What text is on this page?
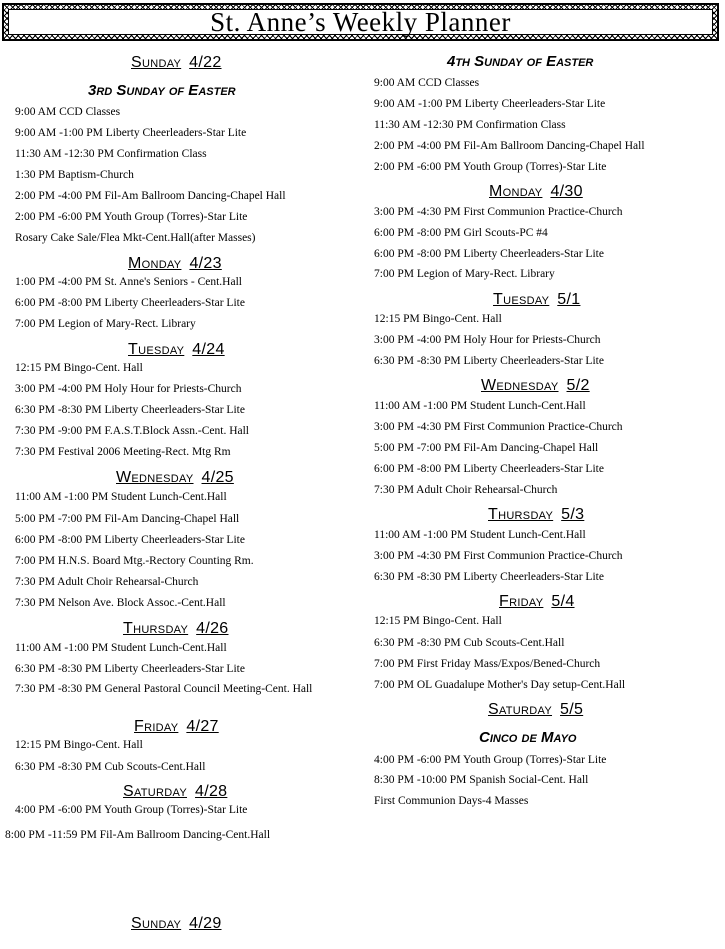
St. Anne’s Weekly Planner
Sunday 4/22
3rd Sunday of Easter
9:00 AM CCD Classes
9:00 AM -1:00 PM Liberty Cheerleaders-Star Lite
11:30 AM -12:30 PM Confirmation Class
1:30 PM Baptism-Church
2:00 PM -4:00 PM Fil-Am Ballroom Dancing-Chapel Hall
2:00 PM -6:00 PM Youth Group (Torres)-Star Lite
Rosary Cake Sale/Flea Mkt-Cent.Hall(after Masses)
Monday 4/23
1:00 PM -4:00 PM St. Anne's Seniors - Cent.Hall
6:00 PM -8:00 PM Liberty Cheerleaders-Star Lite
7:00 PM Legion of Mary-Rect. Library
Tuesday 4/24
12:15 PM Bingo-Cent. Hall
3:00 PM -4:00 PM Holy Hour for Priests-Church
6:30 PM -8:30 PM Liberty Cheerleaders-Star Lite
7:30 PM -9:00 PM F.A.S.T.Block Assn.-Cent. Hall
7:30 PM Festival 2006 Meeting-Rect. Mtg Rm
Wednesday 4/25
11:00 AM -1:00 PM Student Lunch-Cent.Hall
5:00 PM -7:00 PM Fil-Am Dancing-Chapel Hall
6:00 PM -8:00 PM Liberty Cheerleaders-Star Lite
7:00 PM H.N.S. Board Mtg.-Rectory Counting Rm.
7:30 PM Adult Choir Rehearsal-Church
7:30 PM Nelson Ave. Block Assoc.-Cent.Hall
Thursday 4/26
11:00 AM -1:00 PM Student Lunch-Cent.Hall
6:30 PM -8:30 PM Liberty Cheerleaders-Star Lite
7:30 PM -8:30 PM General Pastoral Council Meeting-Cent. Hall
Friday 4/27
12:15 PM Bingo-Cent. Hall
6:30 PM -8:30 PM Cub Scouts-Cent.Hall
Saturday 4/28
4:00 PM -6:00 PM Youth Group (Torres)-Star Lite
8:00 PM -11:59 PM Fil-Am Ballroom Dancing-Cent.Hall
Sunday 4/29
4th Sunday of Easter
9:00 AM CCD Classes
9:00 AM -1:00 PM Liberty Cheerleaders-Star Lite
11:30 AM -12:30 PM Confirmation Class
2:00 PM -4:00 PM Fil-Am Ballroom Dancing-Chapel Hall
2:00 PM -6:00 PM Youth Group (Torres)-Star Lite
Monday 4/30
3:00 PM -4:30 PM First Communion Practice-Church
6:00 PM -8:00 PM Girl Scouts-PC #4
6:00 PM -8:00 PM Liberty Cheerleaders-Star Lite
7:00 PM Legion of Mary-Rect. Library
Tuesday 5/1
12:15 PM Bingo-Cent. Hall
3:00 PM -4:00 PM Holy Hour for Priests-Church
6:30 PM -8:30 PM Liberty Cheerleaders-Star Lite
Wednesday 5/2
11:00 AM -1:00 PM Student Lunch-Cent.Hall
3:00 PM -4:30 PM First Communion Practice-Church
5:00 PM -7:00 PM Fil-Am Dancing-Chapel Hall
6:00 PM -8:00 PM Liberty Cheerleaders-Star Lite
7:30 PM Adult Choir Rehearsal-Church
Thursday 5/3
11:00 AM -1:00 PM Student Lunch-Cent.Hall
3:00 PM -4:30 PM First Communion Practice-Church
6:30 PM -8:30 PM Liberty Cheerleaders-Star Lite
Friday 5/4
12:15 PM Bingo-Cent. Hall
6:30 PM -8:30 PM Cub Scouts-Cent.Hall
7:00 PM First Friday Mass/Expos/Bened-Church
7:00 PM OL Guadalupe Mother's Day setup-Cent.Hall
Saturday 5/5
Cinco de Mayo
4:00 PM -6:00 PM Youth Group (Torres)-Star Lite
8:30 PM -10:00 PM Spanish Social-Cent. Hall
First Communion Days-4 Masses
